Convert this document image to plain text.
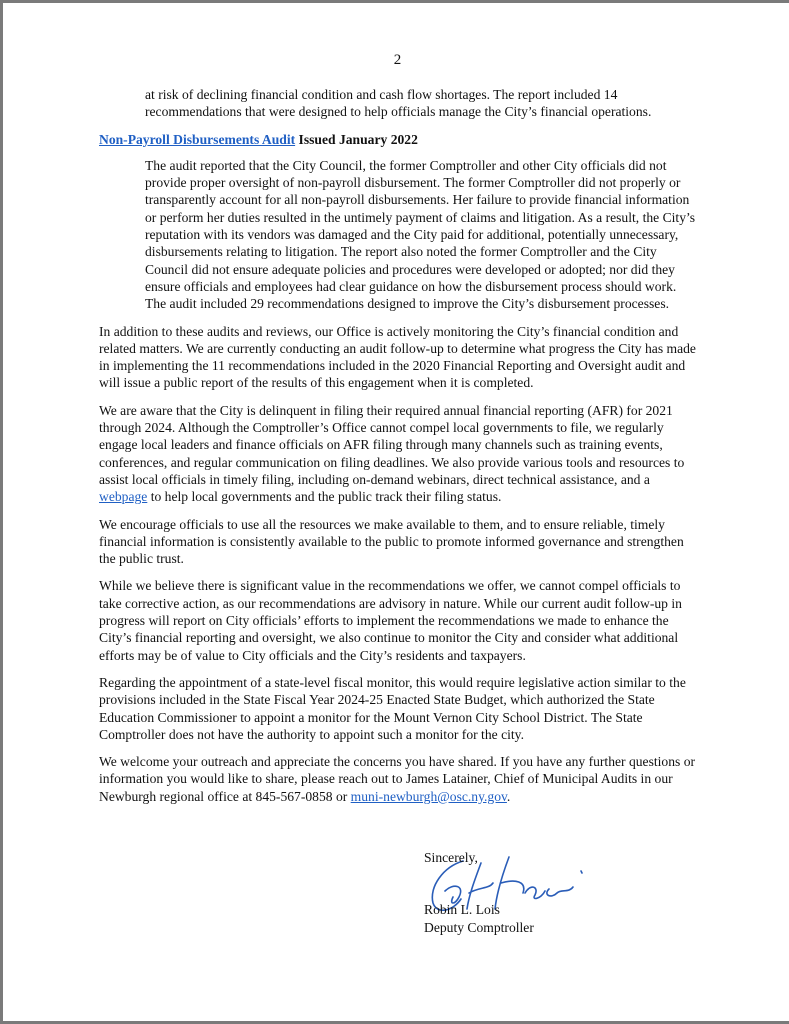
2

at risk of declining financial condition and cash flow shortages. The report included 14 recommendations that were designed to help officials manage the City’s financial operations.

Non-Payroll Disbursements Audit Issued January 2022

The audit reported that the City Council, the former Comptroller and other City officials did not provide proper oversight of non-payroll disbursement. The former Comptroller did not properly or transparently account for all non-payroll disbursements. Her failure to provide financial information or perform her duties resulted in the untimely payment of claims and litigation. As a result, the City’s reputation with its vendors was damaged and the City paid for additional, potentially unnecessary, disbursements relating to litigation. The report also noted the former Comptroller and the City Council did not ensure adequate policies and procedures were developed or adopted; nor did they ensure officials and employees had clear guidance on how the disbursement process should work. The audit included 29 recommendations designed to improve the City’s disbursement processes.

In addition to these audits and reviews, our Office is actively monitoring the City’s financial condition and related matters. We are currently conducting an audit follow-up to determine what progress the City has made in implementing the 11 recommendations included in the 2020 Financial Reporting and Oversight audit and will issue a public report of the results of this engagement when it is completed.

We are aware that the City is delinquent in filing their required annual financial reporting (AFR) for 2021 through 2024. Although the Comptroller’s Office cannot compel local governments to file, we regularly engage local leaders and finance officials on AFR filing through many channels such as training events, conferences, and regular communication on filing deadlines. We also provide various tools and resources to assist local officials in timely filing, including on-demand webinars, direct technical assistance, and a webpage to help local governments and the public track their filing status.

We encourage officials to use all the resources we make available to them, and to ensure reliable, timely financial information is consistently available to the public to promote informed governance and strengthen the public trust.

While we believe there is significant value in the recommendations we offer, we cannot compel officials to take corrective action, as our recommendations are advisory in nature. While our current audit follow-up in progress will report on City officials’ efforts to implement the recommendations we made to enhance the City’s financial reporting and oversight, we also continue to monitor the City and consider what additional efforts may be of value to City officials and the City’s residents and taxpayers.

Regarding the appointment of a state-level fiscal monitor, this would require legislative action similar to the provisions included in the State Fiscal Year 2024-25 Enacted State Budget, which authorized the State Education Commissioner to appoint a monitor for the Mount Vernon City School District. The State Comptroller does not have the authority to appoint such a monitor for the city.

We welcome your outreach and appreciate the concerns you have shared. If you have any further questions or information you would like to share, please reach out to James Latainer, Chief of Municipal Audits in our Newburgh regional office at 845-567-0858 or muni-newburgh@osc.ny.gov.

Sincerely,
Robin L. Lois
Deputy Comptroller
